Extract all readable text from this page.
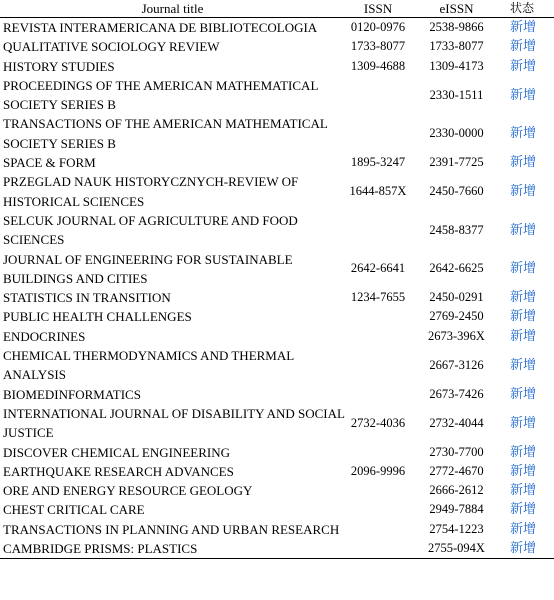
Journal title	ISSN	eISSN	状态
REVISTA INTERAMERICANA DE BIBLIOTECOLOGIA	0120-0976	2538-9866	新增
QUALITATIVE SOCIOLOGY REVIEW	1733-8077	1733-8077	新增
HISTORY STUDIES	1309-4688	1309-4173	新增
PROCEEDINGS OF THE AMERICAN MATHEMATICAL SOCIETY SERIES B		2330-1511	新增
TRANSACTIONS OF THE AMERICAN MATHEMATICAL SOCIETY SERIES B		2330-0000	新增
SPACE & FORM	1895-3247	2391-7725	新增
PRZEGLAD NAUK HISTORYCZNYCH-REVIEW OF HISTORICAL SCIENCES	1644-857X	2450-7660	新增
SELCUK JOURNAL OF AGRICULTURE AND FOOD SCIENCES		2458-8377	新增
JOURNAL OF ENGINEERING FOR SUSTAINABLE BUILDINGS AND CITIES	2642-6641	2642-6625	新增
STATISTICS IN TRANSITION	1234-7655	2450-0291	新增
PUBLIC HEALTH CHALLENGES		2769-2450	新增
ENDOCRINES		2673-396X	新增
CHEMICAL THERMODYNAMICS AND THERMAL ANALYSIS		2667-3126	新增
BIOMEDINFORMATICS		2673-7426	新增
INTERNATIONAL JOURNAL OF DISABILITY AND SOCIAL JUSTICE	2732-4036	2732-4044	新增
DISCOVER CHEMICAL ENGINEERING		2730-7700	新增
EARTHQUAKE RESEARCH ADVANCES	2096-9996	2772-4670	新增
ORE AND ENERGY RESOURCE GEOLOGY		2666-2612	新增
CHEST CRITICAL CARE		2949-7884	新增
TRANSACTIONS IN PLANNING AND URBAN RESEARCH		2754-1223	新增
CAMBRIDGE PRISMS: PLASTICS		2755-094X	新增
